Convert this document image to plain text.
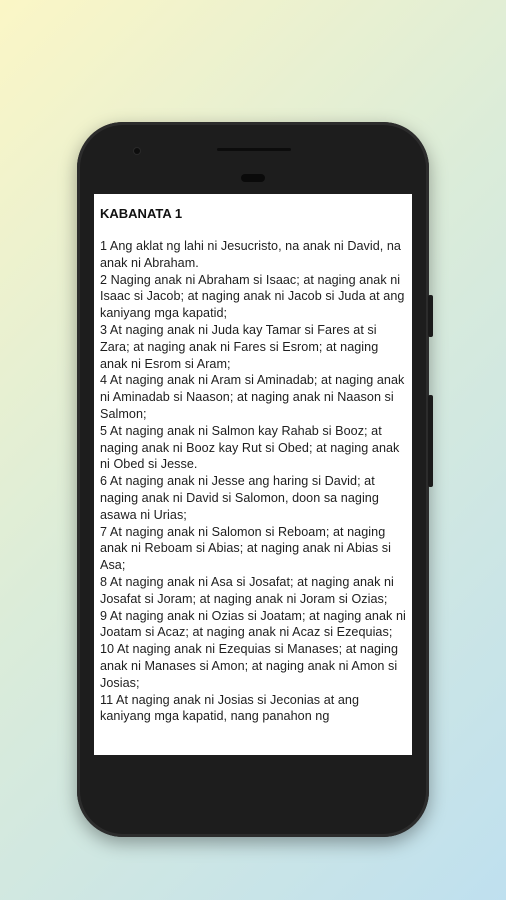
KABANATA 1

1 Ang aklat ng lahi ni Jesucristo, na anak ni David, na anak ni Abraham.

2 Naging anak ni Abraham si Isaac; at naging anak ni Isaac si Jacob; at naging anak ni Jacob si Juda at ang kaniyang mga kapatid;

3 At naging anak ni Juda kay Tamar si Fares at si Zara; at naging anak ni Fares si Esrom; at naging anak ni Esrom si Aram;

4 At naging anak ni Aram si Aminadab; at naging anak ni Aminadab si Naason; at naging anak ni Naason si Salmon;

5 At naging anak ni Salmon kay Rahab si Booz; at naging anak ni Booz kay Rut si Obed; at naging anak ni Obed si Jesse.

6 At naging anak ni Jesse ang haring si David; at naging anak ni David si Salomon, doon sa naging asawa ni Urias;

7 At naging anak ni Salomon si Reboam; at naging anak ni Reboam si Abias; at naging anak ni Abias si Asa;

8 At naging anak ni Asa si Josafat; at naging anak ni Josafat si Joram; at naging anak ni Joram si Ozias;

9 At naging anak ni Ozias si Joatam; at naging anak ni Joatam si Acaz; at naging anak ni Acaz si Ezequias;

10 At naging anak ni Ezequias si Manases; at naging anak ni Manases si Amon; at naging anak ni Amon si Josias;

11 At naging anak ni Josias si Jeconias at ang kaniyang mga kapatid, nang panahon ng
